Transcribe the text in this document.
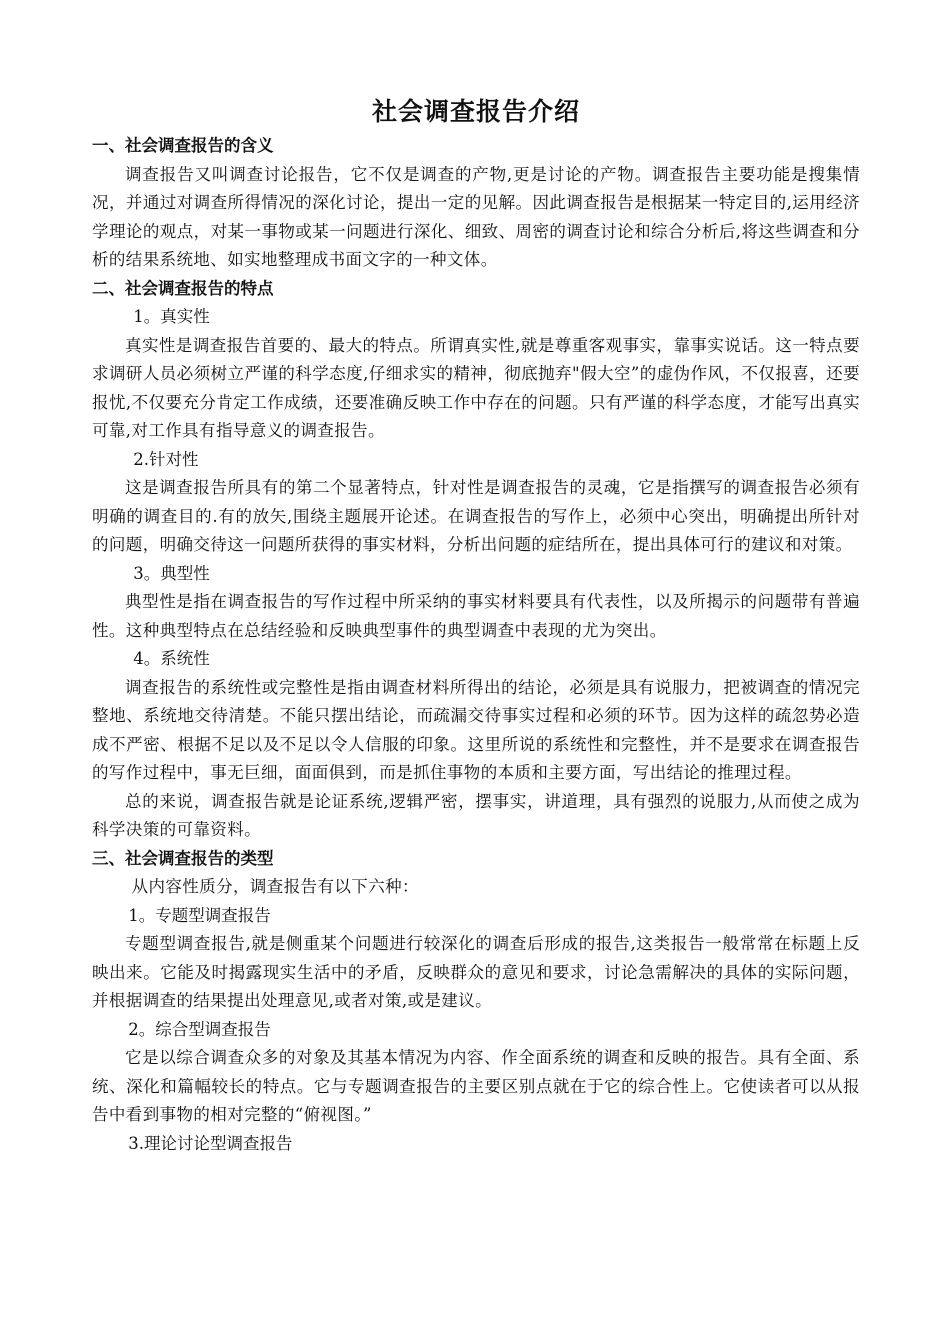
社会调查报告介绍

一、社会调查报告的含义

调查报告又叫调查讨论报告，它不仅是调查的产物,更是讨论的产物。调查报告主要功能是搜集情况，并通过对调查所得情况的深化讨论，提出一定的见解。因此调查报告是根据某一特定目的,运用经济学理论的观点，对某一事物或某一问题进行深化、细致、周密的调查讨论和综合分析后,将这些调查和分析的结果系统地、如实地整理成书面文字的一种文体。

二、社会调查报告的特点

1。真实性

真实性是调查报告首要的、最大的特点。所谓真实性,就是尊重客观事实，靠事实说话。这一特点要求调研人员必须树立严谨的科学态度,仔细求实的精神，彻底抛弃"假大空”的虚伪作风，不仅报喜，还要报忧,不仅要充分肯定工作成绩，还要准确反映工作中存在的问题。只有严谨的科学态度，才能写出真实可靠,对工作具有指导意义的调查报告。

2.针对性

这是调查报告所具有的第二个显著特点，针对性是调查报告的灵魂，它是指撰写的调查报告必须有明确的调查目的.有的放矢,围绕主题展开论述。在调查报告的写作上，必须中心突出，明确提出所针对的问题，明确交待这一问题所获得的事实材料，分析出问题的症结所在，提出具体可行的建议和对策。

3。典型性

典型性是指在调查报告的写作过程中所采纳的事实材料要具有代表性，以及所揭示的问题带有普遍性。这种典型特点在总结经验和反映典型事件的典型调查中表现的尤为突出。

4。系统性

调查报告的系统性或完整性是指由调查材料所得出的结论，必须是具有说服力，把被调查的情况完整地、系统地交待清楚。不能只摆出结论，而疏漏交待事实过程和必须的环节。因为这样的疏忽势必造成不严密、根据不足以及不足以令人信服的印象。这里所说的系统性和完整性，并不是要求在调查报告的写作过程中，事无巨细，面面俱到，而是抓住事物的本质和主要方面，写出结论的推理过程。

总的来说，调查报告就是论证系统,逻辑严密，摆事实，讲道理，具有强烈的说服力,从而使之成为科学决策的可靠资料。

三、社会调查报告的类型

从内容性质分，调查报告有以下六种：

1。专题型调查报告

专题型调查报告,就是侧重某个问题进行较深化的调查后形成的报告,这类报告一般常常在标题上反映出来。它能及时揭露现实生活中的矛盾，反映群众的意见和要求，讨论急需解决的具体的实际问题，并根据调查的结果提出处理意见,或者对策,或是建议。

2。综合型调查报告

它是以综合调查众多的对象及其基本情况为内容、作全面系统的调查和反映的报告。具有全面、系统、深化和篇幅较长的特点。它与专题调查报告的主要区别点就在于它的综合性上。它使读者可以从报告中看到事物的相对完整的“俯视图。”

3.理论讨论型调查报告
